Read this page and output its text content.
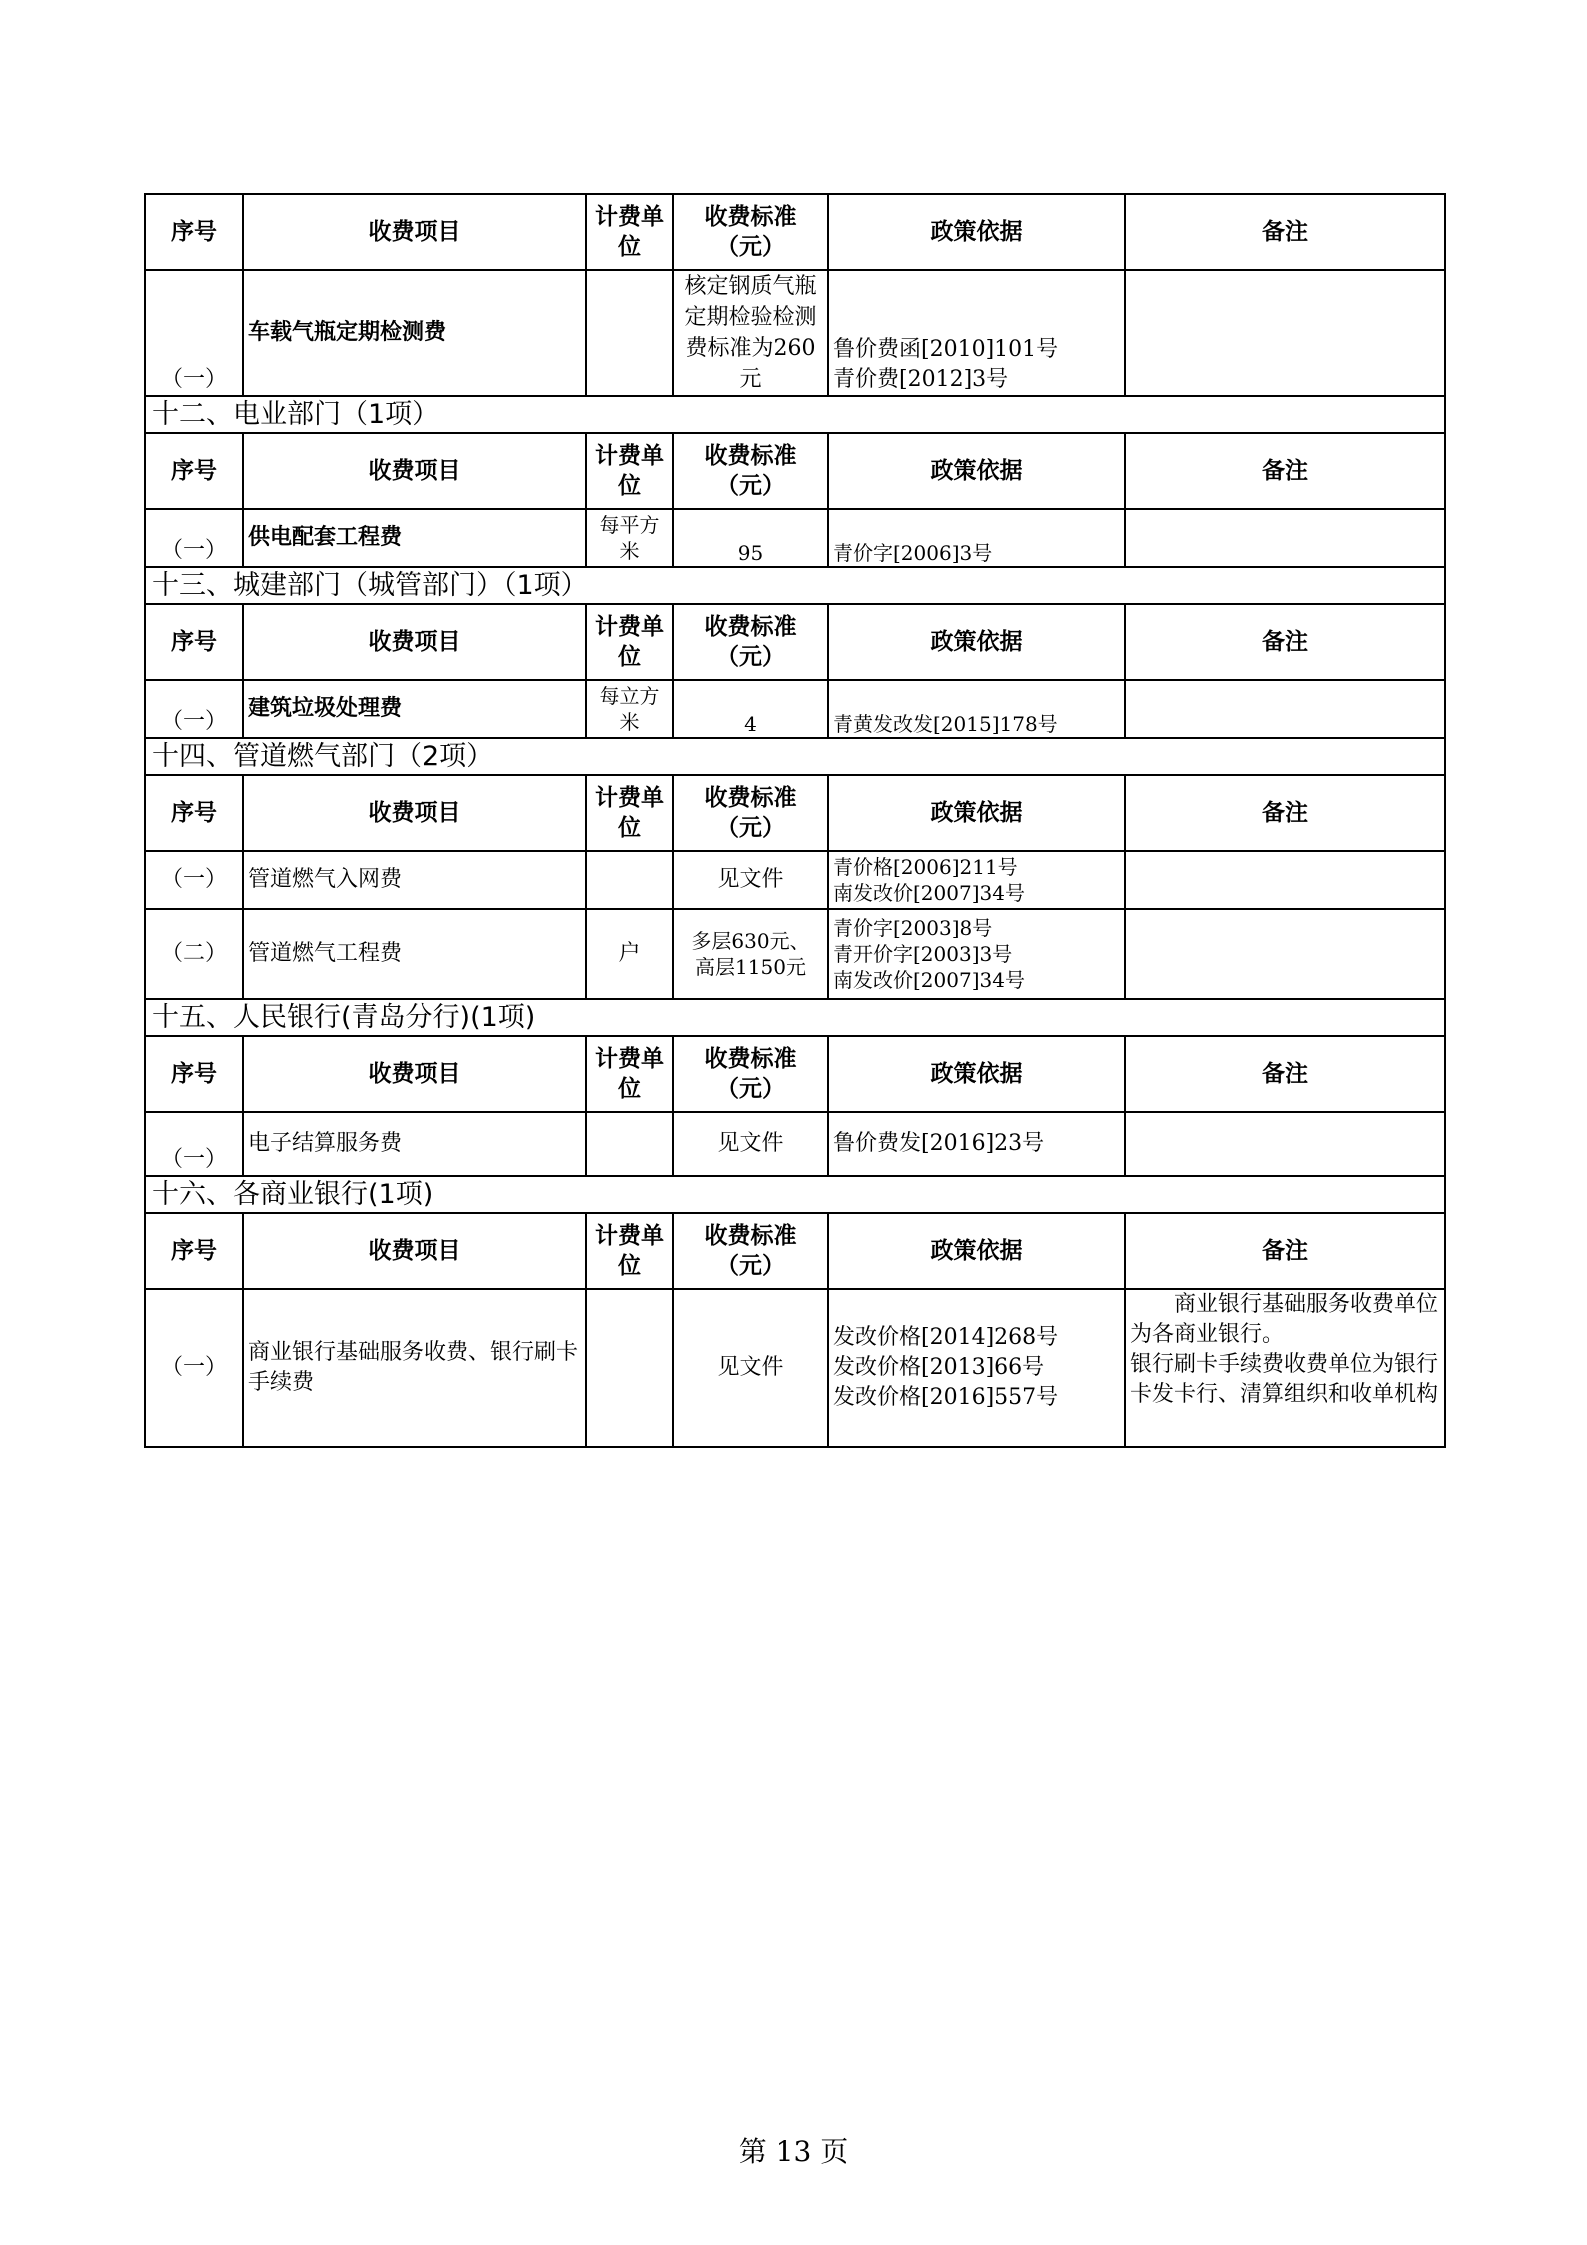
序号	收费项目	计费单位	收费标准（元）	政策依据	备注
（一）	车载气瓶定期检测费		核定钢质气瓶定期检验检测费标准为260元	鲁价费函[2010]101号
青价费[2012]3号	

十二、电业部门（1项）					
序号	收费项目	计费单位	收费标准（元）	政策依据	备注
（一）	供电配套工程费	每平方米	95	青价字[2006]3号	
十三、城建部门（城管部门）（1项）					
序号	收费项目	计费单位	收费标准（元）	政策依据	备注
（一）	建筑垃圾处理费	每立方米	4	青黄发改发[2015]178号	
十四、管道燃气部门（2项）					
序号	收费项目	计费单位	收费标准（元）	政策依据	备注
（一）	管道燃气入网费		见文件	青价格[2006]211号
南发改价[2007]34号	

（二）	管道燃气工程费	户	多层630元、
高层1150元	青价字[2003]8号
青开价字[2003]3号
南发改价[2007]34号	

十五、人民银行(青岛分行)(1项)					
序号	收费项目	计费单位	收费标准（元）	政策依据	备注
（一）	电子结算服务费		见文件	鲁价费发[2016]23号	
十六、各商业银行(1项)					
序号	收费项目	计费单位	收费标准（元）	政策依据	备注
（一）	商业银行基础服务收费、银行刷卡手续费		见文件	发改价格[2014]268号
发改价格[2013]66号
发改价格[2016]557号	商业银行基础服务收费单位为各商业银行。
银行刷卡手续费收费单位为银行卡发卡行、清算组织和收单机构
第 13 页
